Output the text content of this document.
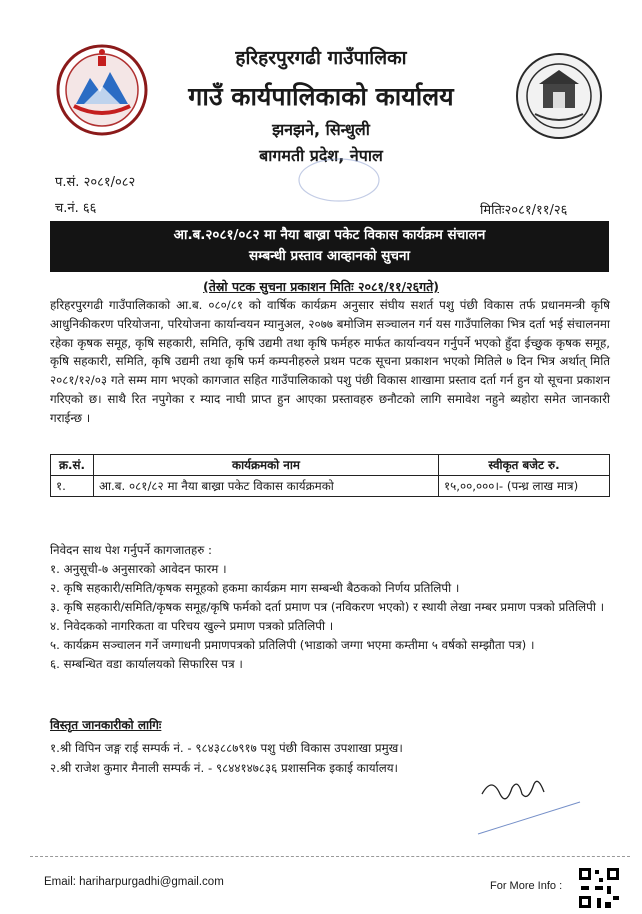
हरिहरपुरगढी गाउँपालिका
गाउँ कार्यपालिकाको कार्यालय
झनझने, सिन्धुली
बागमती प्रदेश, नेपाल
प.सं. २०८१/०८२
च.नं. ६६	मितिः२०८१/११/२६
आ.ब.२०८१/०८२ मा नैया बाख्रा पकेट विकास कार्यक्रम संचालन
सम्बन्धी प्रस्ताव आव्हानको सुचना
(तेस्रो पटक सुचना प्रकाशन मितिः २०८१/११/२६गते)
हरिहरपुरगढी गाउँपालिकाको आ.ब. ०८०/८१ को वार्षिक कार्यक्रम अनुसार संघीय सशर्त पशु पंछी विकास तर्फ प्रधानमन्त्री कृषि आधुनिकीकरण परियोजना, परियोजना कार्यान्वयन म्यानुअल, २०७७ बमोजिम सञ्चालन गर्न यस गाउँपालिका भित्र दर्ता भई संचालनमा रहेका कृषक समूह, कृषि सहकारी, समिति, कृषि उद्यमी तथा कृषि फर्महरु मार्फत कार्यान्वयन गर्नुपर्ने भएको हुँदा ईच्छुक कृषक समूह, कृषि सहकारी, समिति, कृषि उद्यमी तथा कृषि फर्म कम्पनीहरुले प्रथम पटक सूचना प्रकाशन भएको मितिले ७ दिन भित्र अर्थात् मिति २०८१/१२/०३ गते सम्म माग भएको कागजात सहित गाउँपालिकाको पशु पंछी विकास शाखामा प्रस्ताव दर्ता गर्न हुन यो सूचना प्रकाशन गरिएको छ। साथै रित नपुगेका र म्याद नाघी प्राप्त हुन आएका प्रस्तावहरु छनौटको लागि समावेश नहुने ब्यहोरा समेत जानकारी गराईन्छ ।
क्र.सं.	कार्यक्रमको नाम	स्वीकृत बजेट रु.
१.	आ.ब. ०८१/८२ मा नैया बाख्रा पकेट विकास कार्यक्रमको	१५,००,०००।- (पन्ध्र लाख मात्र)
निवेदन साथ पेश गर्नुपर्ने कागजातहरु :
१. अनुसूची-७ अनुसारको आवेदन फारम ।
२. कृषि सहकारी/समिति/कृषक समूहको हकमा कार्यक्रम माग सम्बन्धी बैठकको निर्णय प्रतिलिपी ।
३. कृषि सहकारी/समिति/कृषक समूह/कृषि फर्मको दर्ता प्रमाण पत्र (नविकरण भएको) र स्थायी लेखा नम्बर प्रमाण पत्रको प्रतिलिपी ।
४. निवेदकको नागरिकता वा परिचय खुल्ने प्रमाण पत्रको प्रतिलिपी ।
५. कार्यक्रम सञ्चालन गर्ने जग्गाधनी प्रमाणपत्रको प्रतिलिपी (भाडाको जग्गा भएमा कम्तीमा ५ वर्षको सम्झौता पत्र) ।
६. सम्बन्धित वडा कार्यालयको सिफारिस पत्र ।
विस्तृत जानकारीको लागिः
१.श्री विपिन जङ्ग राई सम्पर्क नं. - ९८४३८८७९१७ पशु पंछी विकास उपशाखा प्रमुख।
२.श्री राजेश कुमार मैनाली सम्पर्क नं. - ९८४४१४७८३६ प्रशासनिक इकाई कार्यालय।
Email: hariharpurgadhi@gmail.com	For More Info :
